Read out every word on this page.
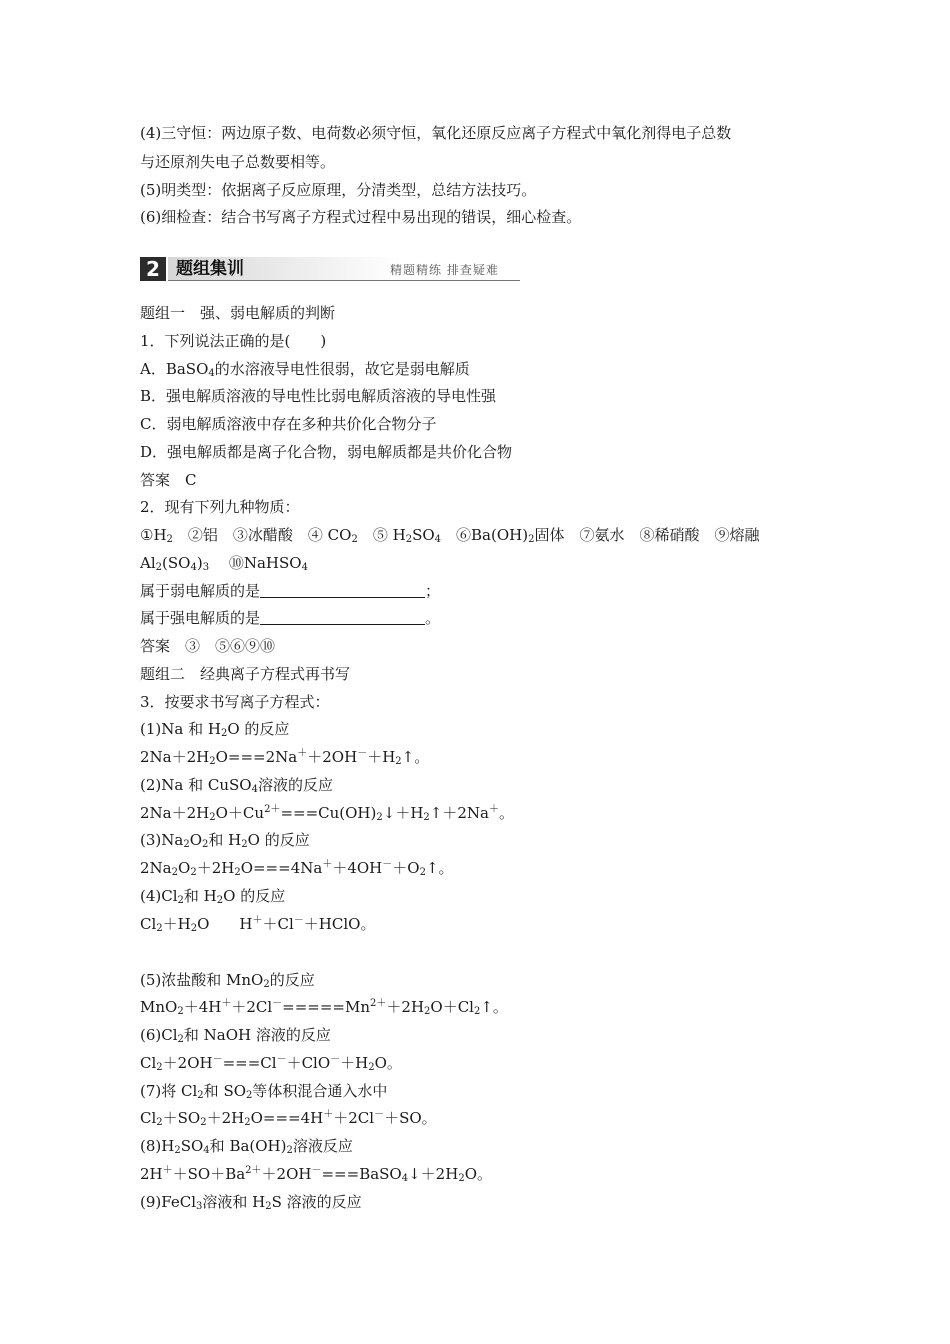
(4)三守恒：两边原子数、电荷数必须守恒，氧化还原反应离子方程式中氧化剂得电子总数
与还原剂失电子总数要相等。
(5)明类型：依据离子反应原理，分清类型，总结方法技巧。
(6)细检查：结合书写离子方程式过程中易出现的错误，细心检查。
2 题组集训	精题精练 排查疑难
题组一　强、弱电解质的判断
1．下列说法正确的是(　　)
A．BaSO$_4$的水溶液导电性很弱，故它是弱电解质
B．强电解质溶液的导电性比弱电解质溶液的导电性强
C．弱电解质溶液中存在多种共价化合物分子
D．强电解质都是离子化合物，弱电解质都是共价化合物
答案　C
2．现有下列九种物质：
$①H_2$　②铝　③冰醋酸　④ $CO_2$　⑤ $H_2SO_4$　$⑥Ba(OH)_2$固体　⑦氨水　⑧稀硝酸　⑨熔融
$Al_2(SO_4)_3$　 ⑩NaHSO$_4$
属于弱电解质的是	；
属于强电解质的是	。
答案　③　⑤⑥⑨⑩
题组二　经典离子方程式再书写
3．按要求书写离子方程式：
(1)Na 和 $H_2O$ 的反应
$2Na+2H_2O===2Na^++2OH^-+H_2↑$。
(2)Na 和 CuSO$_4$溶液的反应
$2Na+2H_2O+Cu^{2+}===Cu(OH)_2↓+H_2↑+2Na^+$。
$(3)Na_2O_2$和 $H_2O$ 的反应
$2Na_2O_2+2H_2O===4Na^++4OH^-+O_2↑$。
$(4)Cl_2$和 $H_2O$ 的反应
$Cl_2+H_2O$　　H＋＋Cl－＋HClO。
(5)浓盐酸和 MnO$_2$的反应
$MnO_2+4H^++2Cl^-=====Mn^{2+}+2H_2O+Cl_2↑$。
$(6)Cl_2$和 NaOH 溶液的反应
$Cl_2+2OH^-===Cl^-+ClO^-+H_2O$。
(7)将 $Cl_2$和 $SO_2$等体积混合通入水中
$Cl_2+SO_2+2H_2O===4H^++2Cl^-+SO$。
$(8)H_2SO_4$和 $Ba(OH)_2$溶液反应
$2H^++SO+Ba^{2+}+2OH^-===BaSO_4↓+2H_2O$。
(9)FeCl$_3$溶液和 $H_2S$ 溶液的反应
